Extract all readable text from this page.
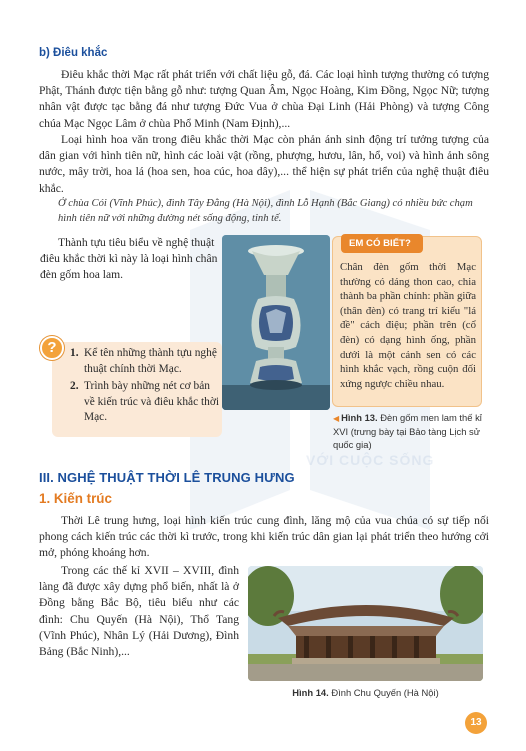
VỚI CUỘC SỐNG
b) Điêu khắc

Điêu khắc thời Mạc rất phát triển với chất liệu gỗ, đá. Các loại hình tượng thường có tượng Phật, Thánh được tiện bằng gỗ như: tượng Quan Âm, Ngọc Hoàng, Kim Đồng, Ngọc Nữ; tượng nhân vật được tạc bằng đá như tượng Đức Vua ở chùa Đại Linh (Hải Phòng) và tượng Công chúa Mạc Ngọc Lâm ở chùa Phổ Minh (Nam Định),...

Loại hình hoa văn trong điêu khắc thời Mạc còn phản ánh sinh động trí tưởng tượng của dân gian với hình tiên nữ, hình các loài vật (rồng, phượng, hươu, lân, hổ, voi) và hình ảnh sông nước, mây trời, hoa lá (hoa sen, hoa cúc, hoa dây),... thể hiện sự phát triển của nghệ thuật điêu khắc.

Ở chùa Cói (Vĩnh Phúc), đình Tây Đằng (Hà Nội), đình Lỗ Hạnh (Bắc Giang) có nhiều bức chạm hình tiên nữ với những đường nét sống động, tinh tế.

Thành tựu tiêu biểu về nghệ thuật điêu khắc thời kì này là loại hình chân đèn gốm hoa lam.

EM CÓ BIẾT?

Chân đèn gốm thời Mạc thường có dáng thon cao, chia thành ba phần chính: phần giữa (thân đèn) có trang trí kiểu "lá đề" cách điệu; phần trên (cổ đèn) có dạng hình ống, phần dưới là một cảnh sen có các hình khắc vạch, rồng cuộn đối xứng ngược chiều nhau.

◀ Hình 13. Đèn gốm men lam thế kỉ XVI (trưng bày tại Bảo tàng Lịch sử quốc gia)
?	1. Kể tên những thành tựu nghệ thuật chính thời Mạc.
2. Trình bày những nét cơ bản về kiến trúc và điêu khắc thời Mạc.
III. NGHỆ THUẬT THỜI LÊ TRUNG HƯNG
1. Kiến trúc

Thời Lê trung hưng, loại hình kiến trúc cung đình, lăng mộ của vua chúa có sự tiếp nối phong cách kiến trúc các thời kì trước, trong khi kiến trúc dân gian lại phát triển theo hướng cởi mở, phóng khoáng hơn.

Trong các thế kỉ XVII – XVIII, đình làng đã được xây dựng phổ biến, nhất là ở Đồng bằng Bắc Bộ, tiêu biểu như các đình: Chu Quyến (Hà Nội), Thổ Tang (Vĩnh Phúc), Nhân Lý (Hải Dương), Đình Bảng (Bắc Ninh),...

Hình 14. Đình Chu Quyến (Hà Nội)
13
